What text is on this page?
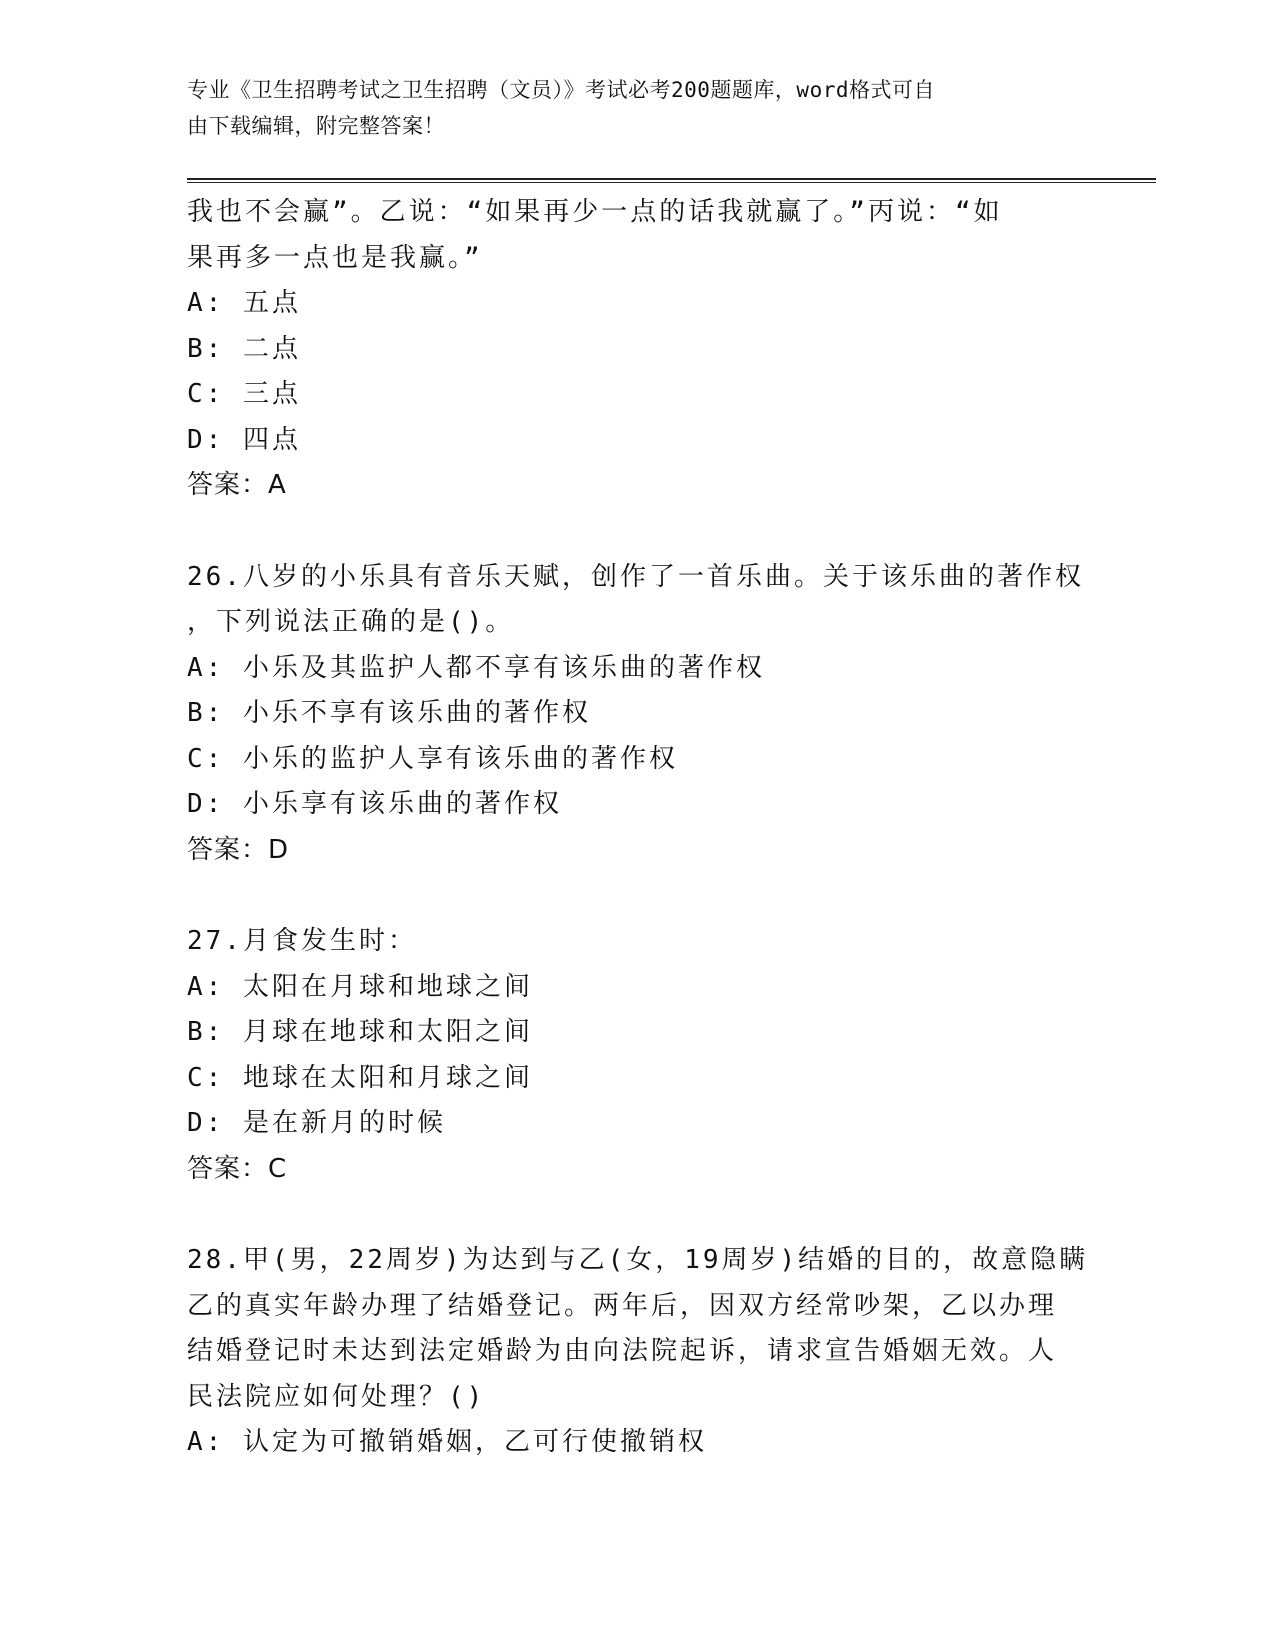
专业《卫生招聘考试之卫生招聘（文员）》考试必考200题题库，word格式可自
由下载编辑，附完整答案！
我也不会赢”。乙说：“如果再少一点的话我就赢了。”丙说：“如
果再多一点也是我赢。”
A: 五点
B: 二点
C: 三点
D: 四点
答案：A
26.八岁的小乐具有音乐天赋，创作了一首乐曲。关于该乐曲的著作权
，下列说法正确的是()。
A: 小乐及其监护人都不享有该乐曲的著作权
B: 小乐不享有该乐曲的著作权
C: 小乐的监护人享有该乐曲的著作权
D: 小乐享有该乐曲的著作权
答案：D
27.月食发生时：
A: 太阳在月球和地球之间
B: 月球在地球和太阳之间
C: 地球在太阳和月球之间
D: 是在新月的时候
答案：C
28.甲(男，22周岁)为达到与乙(女，19周岁)结婚的目的，故意隐瞒
乙的真实年龄办理了结婚登记。两年后，因双方经常吵架，乙以办理
结婚登记时未达到法定婚龄为由向法院起诉，请求宣告婚姻无效。人
民法院应如何处理？()
A: 认定为可撤销婚姻，乙可行使撤销权
